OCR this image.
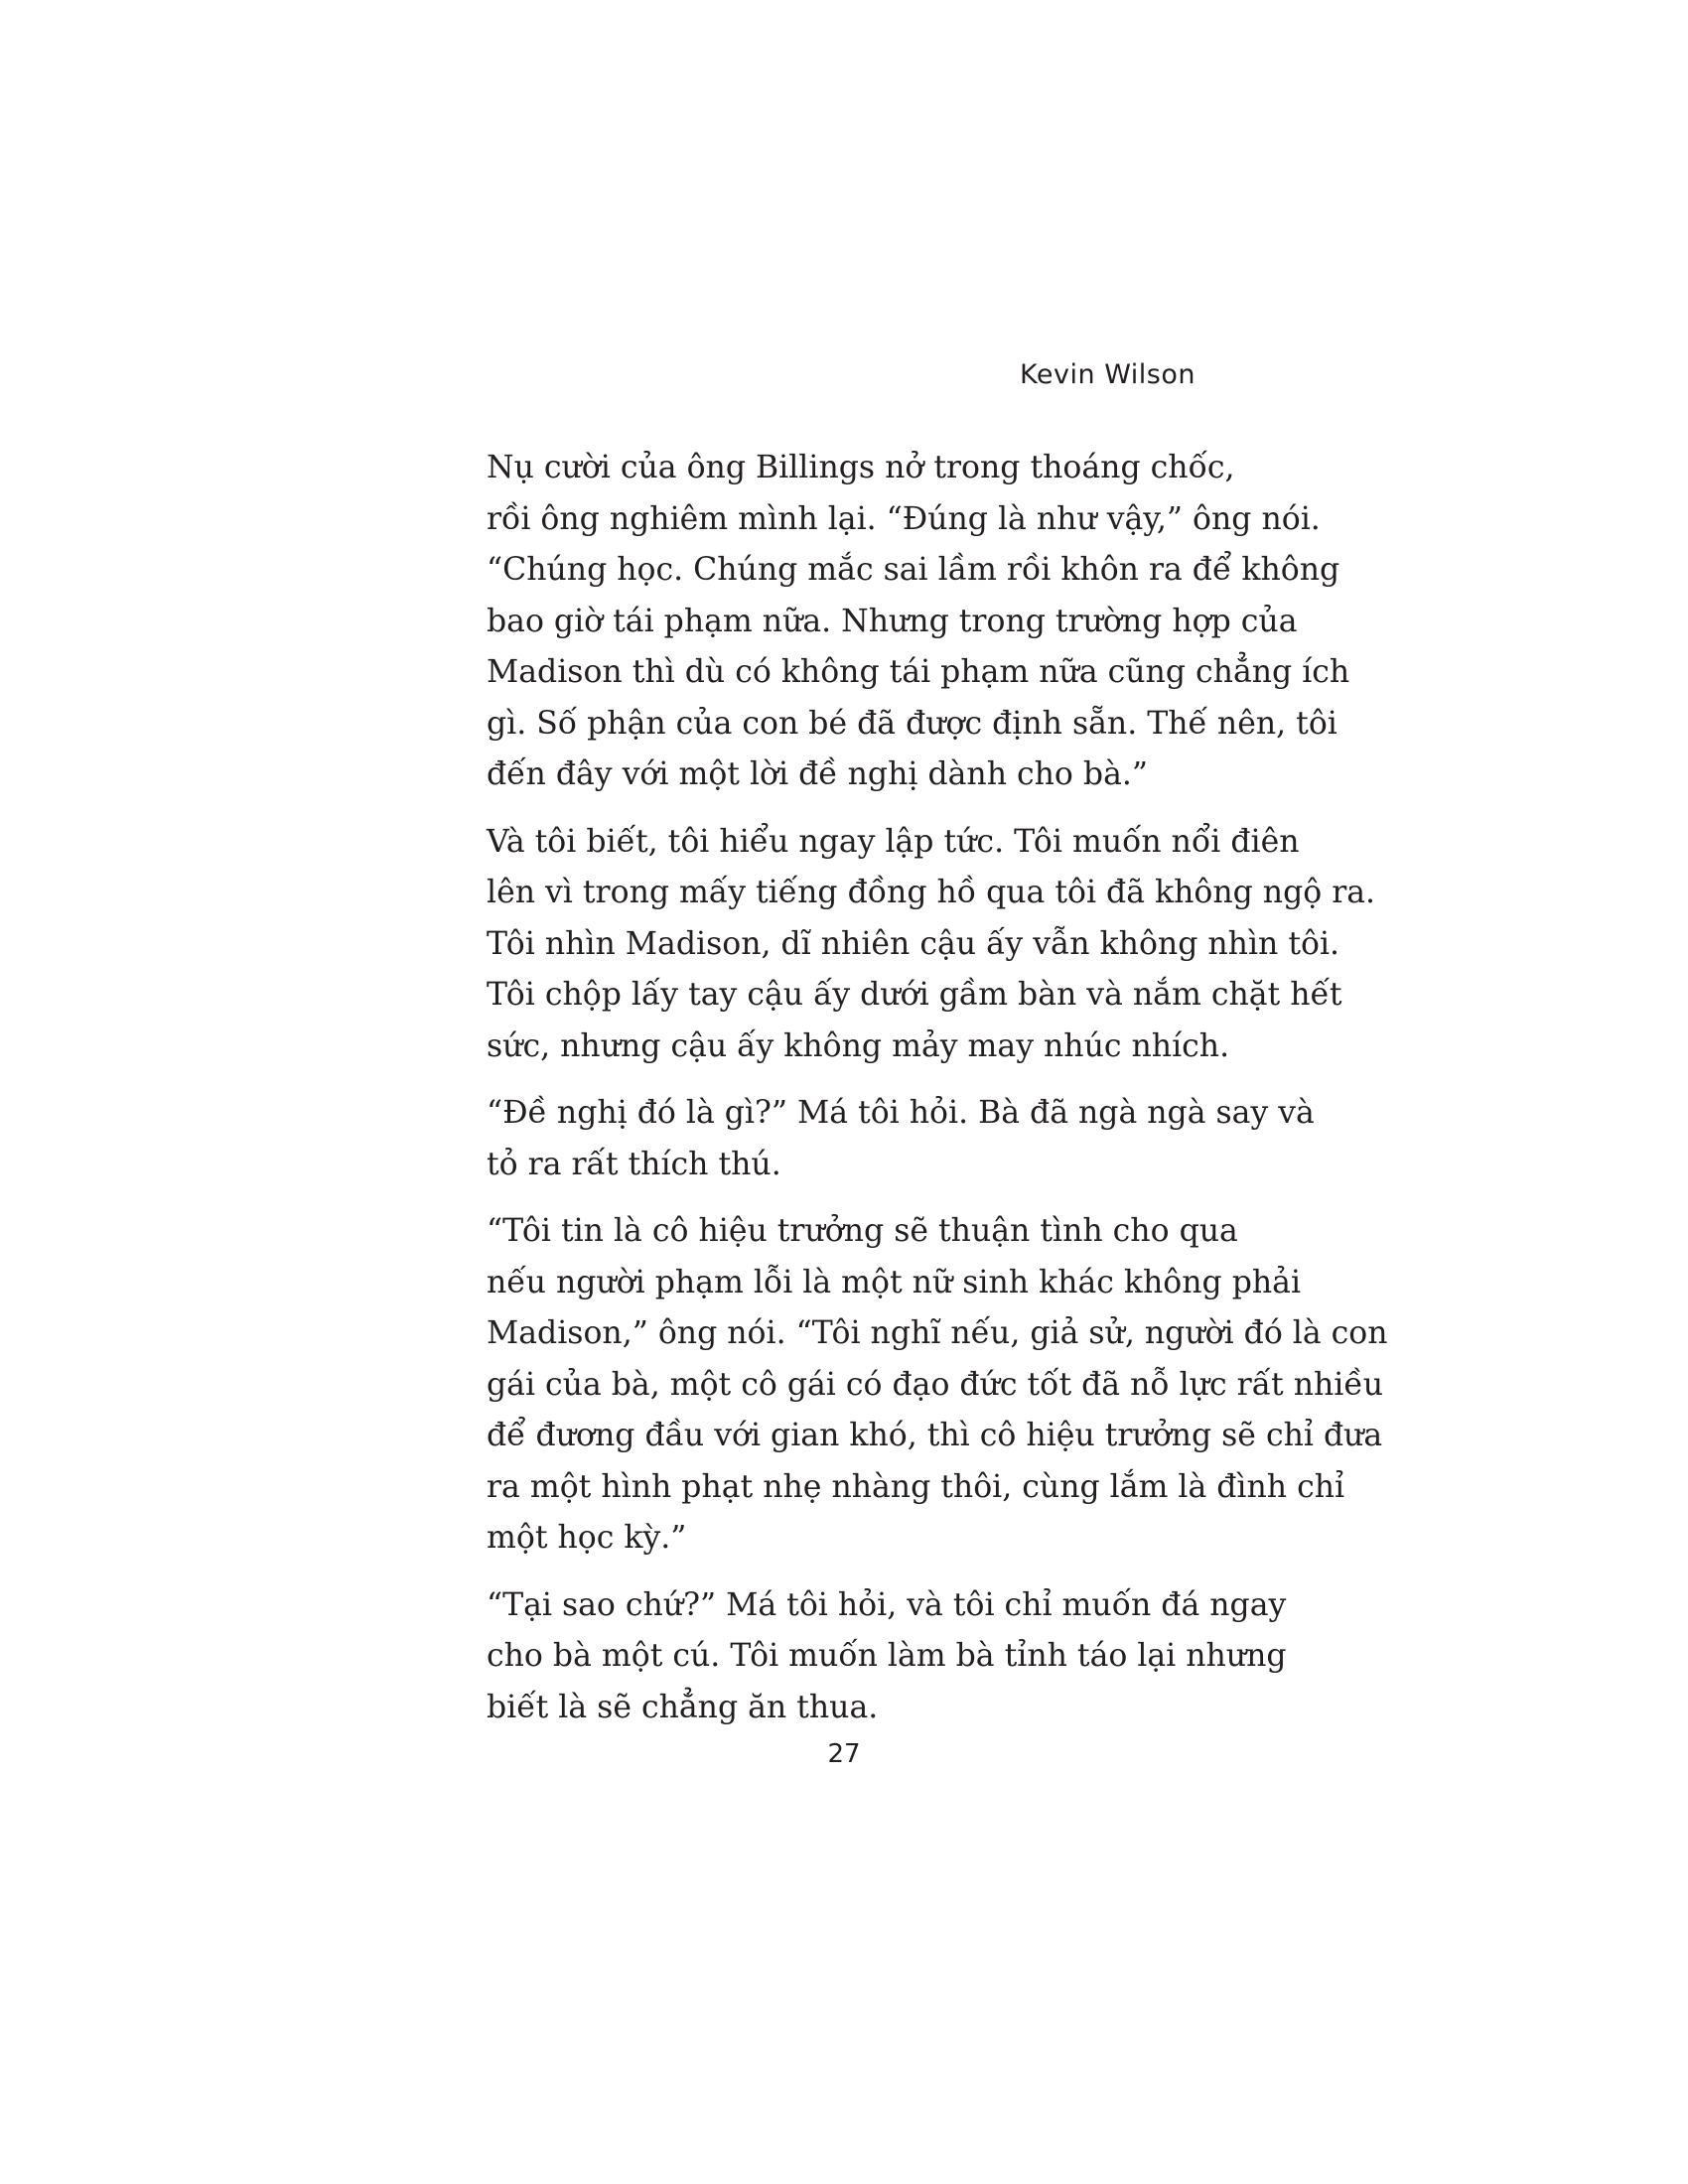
Kevin Wilson

Nụ cười của ông Billings nở trong thoáng chốc,
rồi ông nghiêm mình lại. “Đúng là như vậy,” ông nói.
“Chúng học. Chúng mắc sai lầm rồi khôn ra để không
bao giờ tái phạm nữa. Nhưng trong trường hợp của
Madison thì dù có không tái phạm nữa cũng chẳng ích
gì. Số phận của con bé đã được định sẵn. Thế nên, tôi
đến đây với một lời đề nghị dành cho bà.”

Và tôi biết, tôi hiểu ngay lập tức. Tôi muốn nổi điên
lên vì trong mấy tiếng đồng hồ qua tôi đã không ngộ ra.
Tôi nhìn Madison, dĩ nhiên cậu ấy vẫn không nhìn tôi.
Tôi chộp lấy tay cậu ấy dưới gầm bàn và nắm chặt hết
sức, nhưng cậu ấy không mảy may nhúc nhích.

“Đề nghị đó là gì?” Má tôi hỏi. Bà đã ngà ngà say và
tỏ ra rất thích thú.

“Tôi tin là cô hiệu trưởng sẽ thuận tình cho qua
nếu người phạm lỗi là một nữ sinh khác không phải
Madison,” ông nói. “Tôi nghĩ nếu, giả sử, người đó là con
gái của bà, một cô gái có đạo đức tốt đã nỗ lực rất nhiều
để đương đầu với gian khó, thì cô hiệu trưởng sẽ chỉ đưa
ra một hình phạt nhẹ nhàng thôi, cùng lắm là đình chỉ
một học kỳ.”

“Tại sao chứ?” Má tôi hỏi, và tôi chỉ muốn đá ngay
cho bà một cú. Tôi muốn làm bà tỉnh táo lại nhưng
biết là sẽ chẳng ăn thua.

27
